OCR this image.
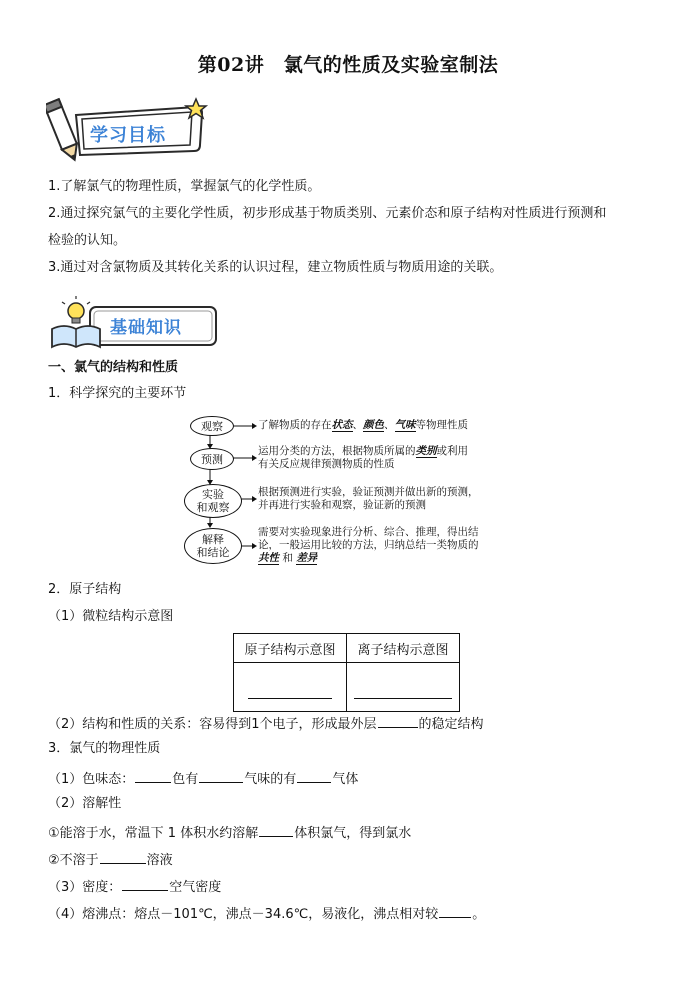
第02讲　氯气的性质及实验室制法
学习目标
1.了解氯气的物理性质，掌握氯气的化学性质。
2.通过探究氯气的主要化学性质，初步形成基于物质类别、元素价态和原子结构对性质进行预测和
检验的认知。
3.通过对含氯物质及其转化关系的认识过程，建立物质性质与物质用途的关联。
基础知识
一、氯气的结构和性质
1．科学探究的主要环节
观察
预测
实验
和观察
解释
和结论
了解物质的存在状态、颜色、气味等物理性质
运用分类的方法，根据物质所属的类别或利用
有关反应规律预测物质的性质
根据预测进行实验，验证预测并做出新的预测，
并再进行实验和观察，验证新的预测
需要对实验现象进行分析、综合、推理，得出结
论，一般运用比较的方法，归纳总结一类物质的
共性 和 差异
2．原子结构
（1）微粒结构示意图
原子结构示意图	离子结构示意图

（2）结构和性质的关系：容易得到1个电子，形成最外层	的稳定结构
3．氯气的物理性质
（1）色味态：	色有	气味的有	气体
（2）溶解性
①能溶于水，常温下 1 体积水约溶解	体积氯气，得到氯水
②不溶于	溶液
（3）密度：	空气密度
（4）熔沸点：熔点－101℃，沸点－34.6℃，易液化，沸点相对较	。
